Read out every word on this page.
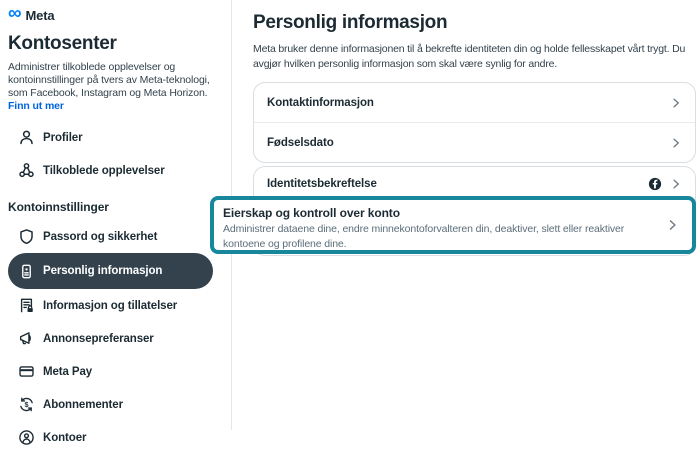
∞ Meta
Kontosenter
Administrer tilkoblede opplevelser og kontoinnstillinger på tvers av Meta-teknologi, som Facebook, Instagram og Meta Horizon. Finn ut mer
Profiler
Tilkoblede opplevelser
Kontoinnstillinger
Passord og sikkerhet
Personlig informasjon
Informasjon og tillatelser
Annonsepreferanser
Meta Pay
$ Abonnementer
Kontoer
Personlig informasjon
Meta bruker denne informasjonen til å bekrefte identiteten din og holde fellesskapet vårt trygt. Du avgjør hvilken personlig informasjon som skal være synlig for andre.
Kontaktinformasjon
Fødselsdato
Identitetsbekreftelse
Eierskap og kontroll over konto
Administrer dataene dine, endre minnekontoforvalteren din, deaktiver, slett eller reaktiver kontoene og profilene dine.
